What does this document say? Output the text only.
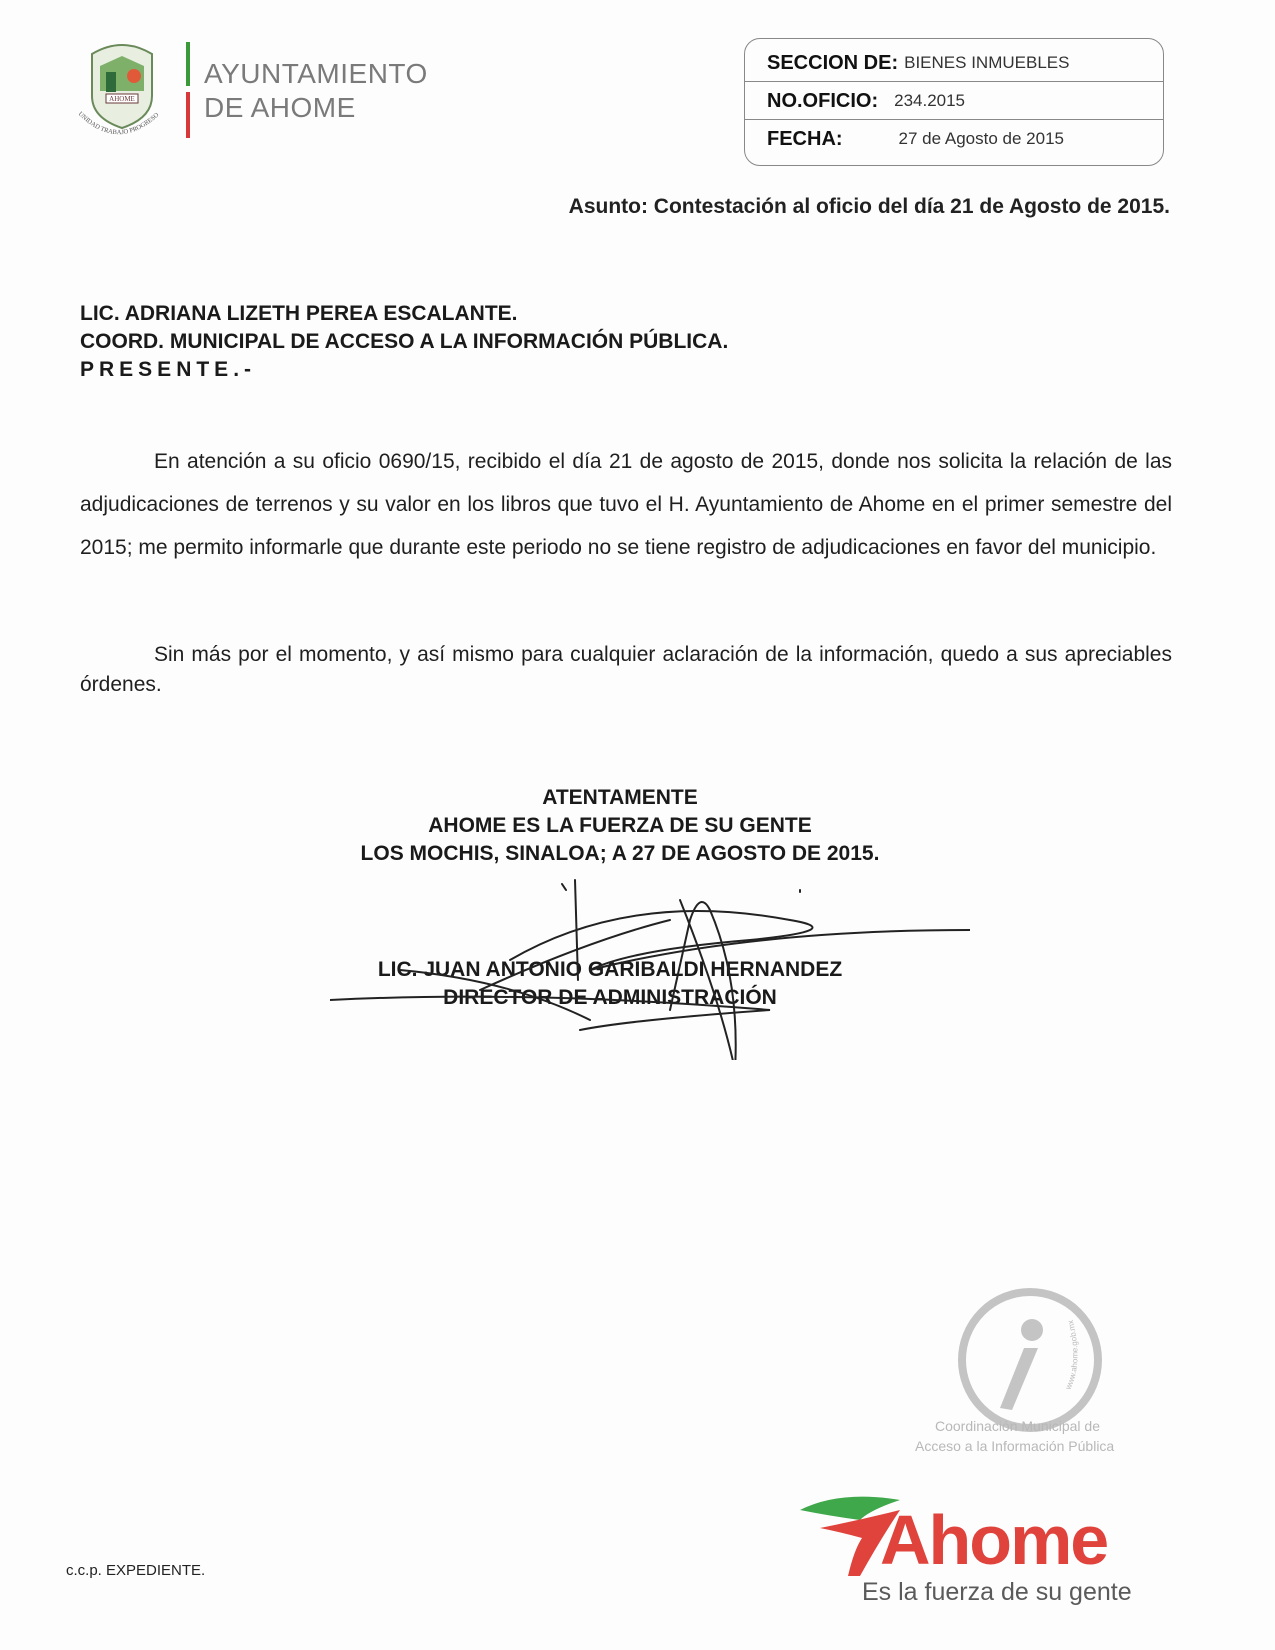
AHOME
UNIDAD TRABAJO PROGRESO
AYUNTAMIENTO
DE AHOME
SECCION DE: BIENES INMUEBLES
NO.OFICIO: 234.2015
FECHA:	27 de Agosto de 2015
Asunto: Contestación al oficio del día 21 de Agosto de 2015.
LIC. ADRIANA LIZETH PEREA ESCALANTE.
COORD. MUNICIPAL DE ACCESO A LA INFORMACIÓN PÚBLICA.
PRESENTE.-
En atención a su oficio 0690/15, recibido el día 21 de agosto de 2015, donde nos solicita la relación de las adjudicaciones de terrenos y su valor en los libros que tuvo el H. Ayuntamiento de Ahome en el primer semestre del 2015; me permito informarle que durante este periodo no se tiene registro de adjudicaciones en favor del municipio.
Sin más por el momento, y así mismo para cualquier aclaración de la información, quedo a sus apreciables órdenes.
ATENTAMENTE
AHOME ES LA FUERZA DE SU GENTE
LOS MOCHIS, SINALOA; A 27 DE AGOSTO DE 2015.
LIC. JUAN ANTONIO GARIBALDI HERNANDEZ
DIRECTOR DE ADMINISTRACIÓN
www.ahome.gob.mx
Coordinación Municipal de
Acceso a la Información Pública
Ahome
Es la fuerza de su gente
c.c.p. EXPEDIENTE.
